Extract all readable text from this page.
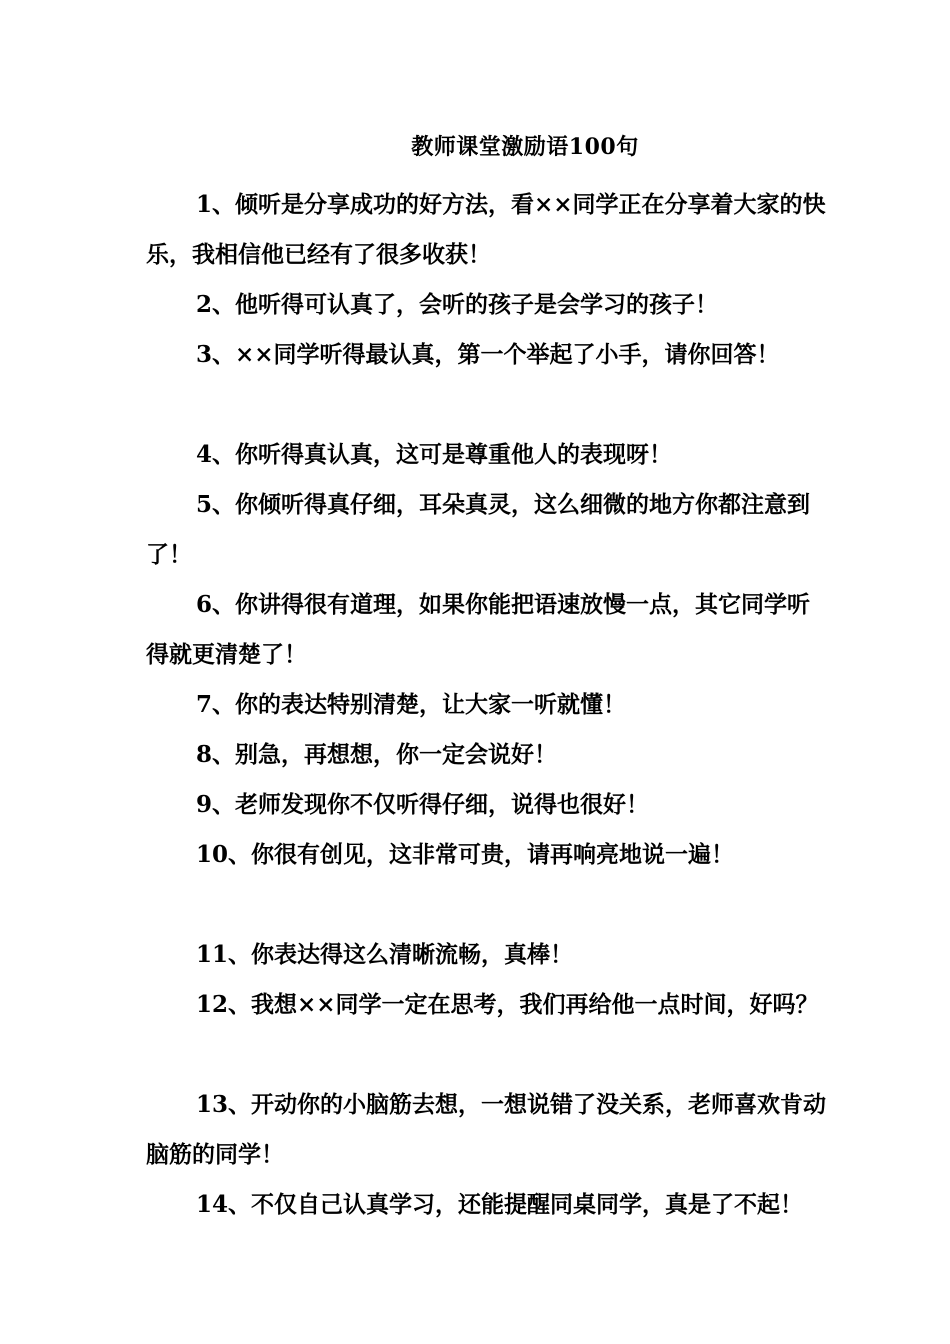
教师课堂激励语100句

1、倾听是分享成功的好方法，看××同学正在分享着大家的快乐，我相信他已经有了很多收获！

2、他听得可认真了，会听的孩子是会学习的孩子！

3、××同学听得最认真，第一个举起了小手，请你回答！

4、你听得真认真，这可是尊重他人的表现呀！

5、你倾听得真仔细，耳朵真灵，这么细微的地方你都注意到了！

6、你讲得很有道理，如果你能把语速放慢一点，其它同学听得就更清楚了！

7、你的表达特别清楚，让大家一听就懂！

8、别急，再想想，你一定会说好！

9、老师发现你不仅听得仔细，说得也很好！

10、你很有创见，这非常可贵，请再响亮地说一遍！

11、你表达得这么清晰流畅，真棒！

12、我想××同学一定在思考，我们再给他一点时间，好吗？

13、开动你的小脑筋去想，一想说错了没关系，老师喜欢肯动脑筋的同学！

14、不仅自己认真学习，还能提醒同桌同学，真是了不起！
